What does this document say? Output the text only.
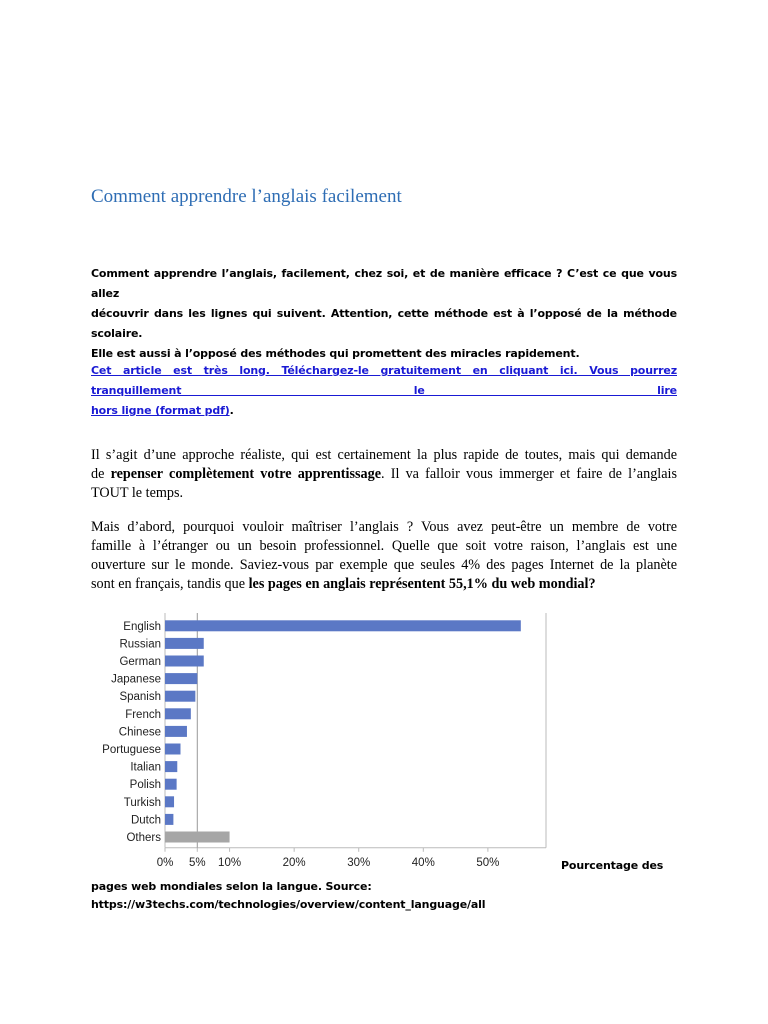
Comment apprendre l’anglais facilement

Comment apprendre l’anglais, facilement, chez soi, et de manière efficace ? C’est ce que vous allez
découvrir dans les lignes qui suivent. Attention, cette méthode est à l’opposé de la méthode scolaire.
Elle est aussi à l’opposé des méthodes qui promettent des miracles rapidement.

Cet article est très long. Téléchargez-le gratuitement en cliquant ici. Vous pourrez tranquillement le lire
hors ligne (format pdf).

Il s’agit d’une approche réaliste, qui est certainement la plus rapide de toutes, mais qui demande
de repenser complètement votre apprentissage. Il va falloir vous immerger et faire de l’anglais
TOUT le temps.

Mais d’abord, pourquoi vouloir maîtriser l’anglais ? Vous avez peut-être un membre de votre
famille à l’étranger ou un besoin professionnel. Quelle que soit votre raison, l’anglais est une
ouverture sur le monde. Saviez-vous par exemple que seules 4% des pages Internet de la planète
sont en français, tandis que les pages en anglais représentent 55,1% du web mondial?

English
Russian
German
Japanese
Spanish
French
Chinese
Portuguese
Italian
Polish
Turkish
Dutch
Others
0% 5% 10%	20%	30%	40%	50%	Pourcentage des

pages web mondiales selon la langue. Source:
https://w3techs.com/technologies/overview/content_language/all
